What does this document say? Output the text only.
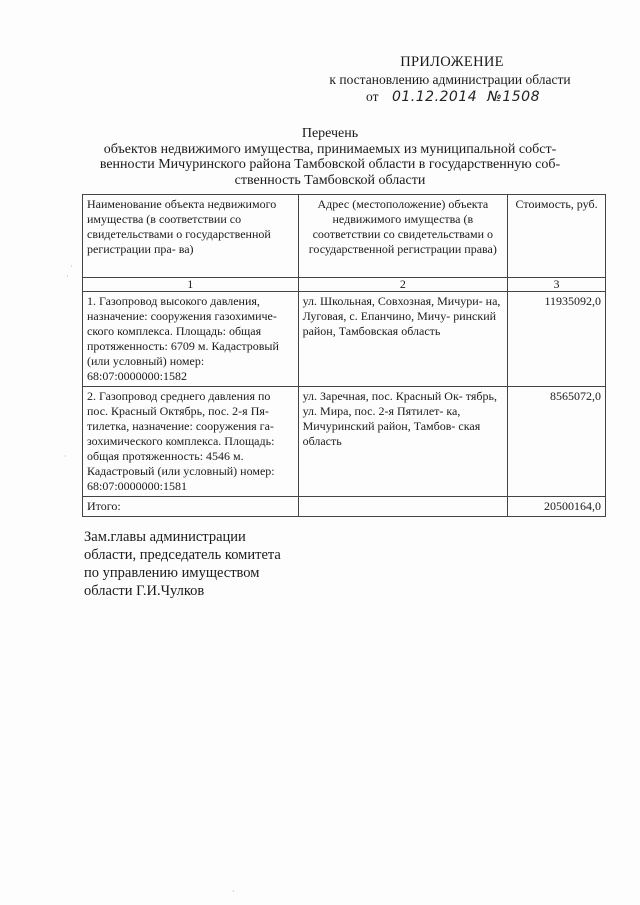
ПРИЛОЖЕНИЕ
к постановлению администрации области
от 01.12.2014 №1508
Перечень
объектов недвижимого имущества, принимаемых из муниципальной собст-
венности Мичуринского района Тамбовской области в государственную соб-
ственность Тамбовской области
Наименование объекта недвижимого имущества (в соответствии со свидетельствами о государственной регистрации пра- ва)	Адрес (местоположение) объекта недвижимого имущества (в соответствии со свидетельствами о государственной регистрации права)	Стоимость, руб.
1	2	3
1. Газопровод высокого давления, назначение: сооружения газохимиче- ского комплекса. Площадь: общая протяженность: 6709 м. Кадастровый (или условный) номер: 68:07:0000000:1582	ул. Школьная, Совхозная, Мичури- на, Луговая, с. Епанчино, Мичу- ринский район, Тамбовская область	11935092,0
2. Газопровод среднего давления по пос. Красный Октябрь, пос. 2-я Пя- тилетка, назначение: сооружения га- зохимического комплекса. Площадь: общая протяженность: 4546 м. Кадастровый (или условный) номер: 68:07:0000000:1581	ул. Заречная, пос. Красный Ок- тябрь, ул. Мира, пос. 2-я Пятилет- ка, Мичуринский район, Тамбов- ская область	8565072,0
Итого:		20500164,0
Зам.главы администрации
области, председатель комитета
по управлению имуществом
области Г.И.Чулков
·
·
·
·
